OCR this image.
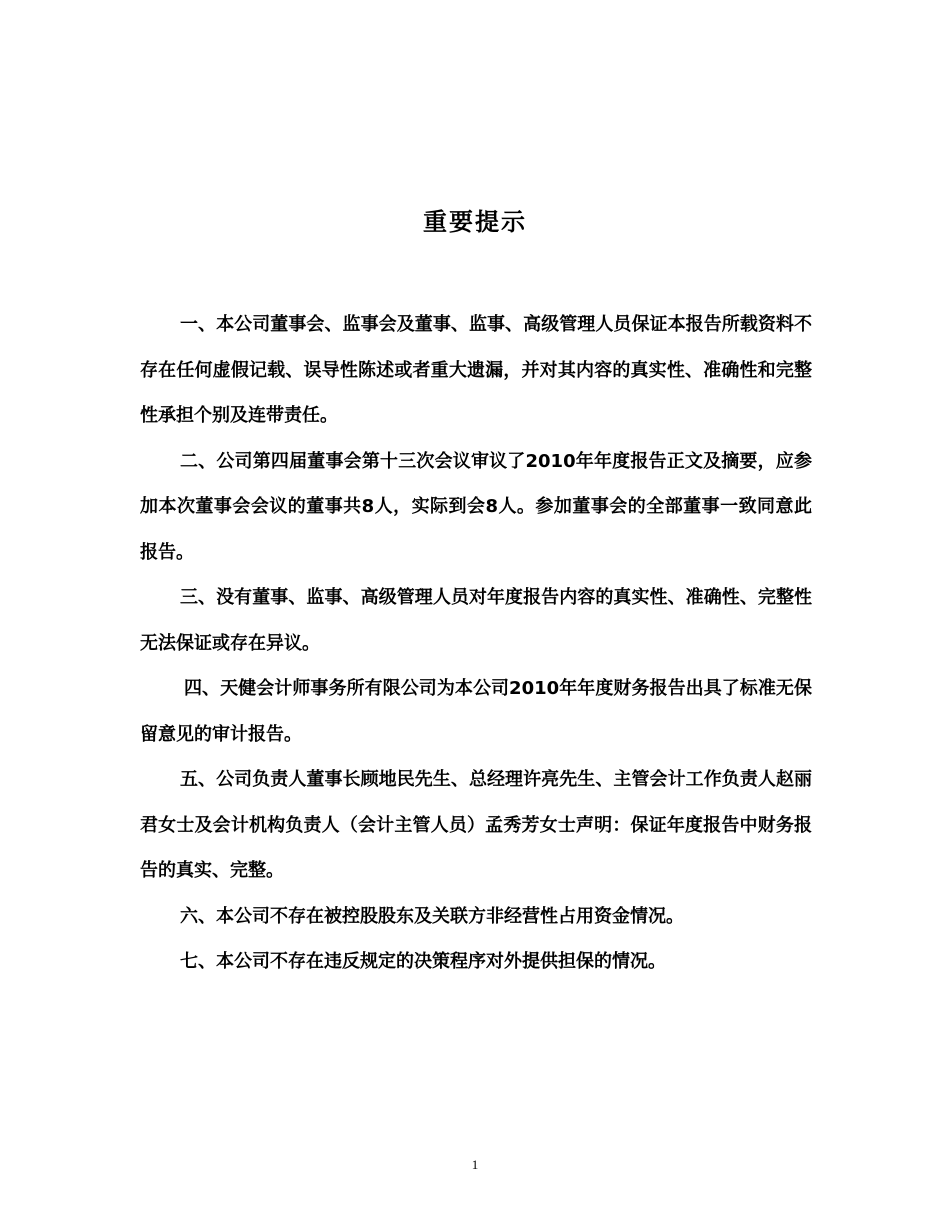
重要提示

一、本公司董事会、监事会及董事、监事、高级管理人员保证本报告所载资料不存在任何虚假记载、误导性陈述或者重大遗漏，并对其内容的真实性、准确性和完整性承担个别及连带责任。

二、公司第四届董事会第十三次会议审议了2010年年度报告正文及摘要，应参加本次董事会会议的董事共8人，实际到会8人。参加董事会的全部董事一致同意此报告。

三、没有董事、监事、高级管理人员对年度报告内容的真实性、准确性、完整性无法保证或存在异议。

四、天健会计师事务所有限公司为本公司2010年年度财务报告出具了标准无保留意见的审计报告。

五、公司负责人董事长顾地民先生、总经理许亮先生、主管会计工作负责人赵丽君女士及会计机构负责人（会计主管人员）孟秀芳女士声明：保证年度报告中财务报告的真实、完整。

六、本公司不存在被控股股东及关联方非经营性占用资金情况。

七、本公司不存在违反规定的决策程序对外提供担保的情况。

1
